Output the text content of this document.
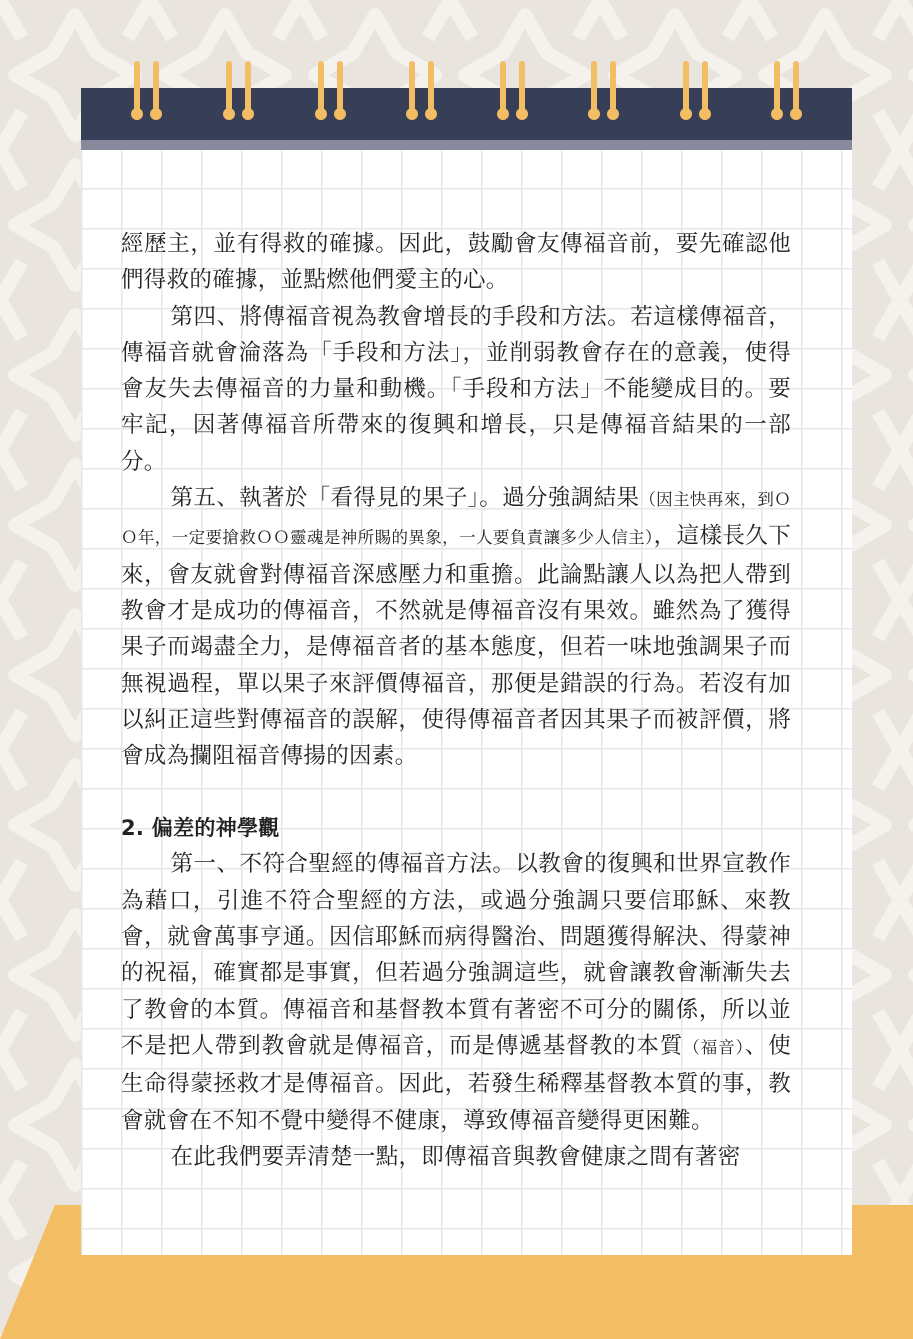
經歷主，並有得救的確據。因此，鼓勵會友傳福音前，要先確認他們得救的確據，並點燃他們愛主的心。

第四、將傳福音視為教會增長的手段和方法。若這樣傳福音，傳福音就會淪落為「手段和方法」，並削弱教會存在的意義，使得會友失去傳福音的力量和動機。「手段和方法」不能變成目的。要牢記，因著傳福音所帶來的復興和增長，只是傳福音結果的一部分。

第五、執著於「看得見的果子」。過分強調結果（因主快再來，到ＯＯ年，一定要搶救ＯＯ靈魂是神所賜的異象，一人要負責讓多少人信主），這樣長久下來，會友就會對傳福音深感壓力和重擔。此論點讓人以為把人帶到教會才是成功的傳福音，不然就是傳福音沒有果效。雖然為了獲得果子而竭盡全力，是傳福音者的基本態度，但若一味地強調果子而無視過程，單以果子來評價傳福音，那便是錯誤的行為。若沒有加以糾正這些對傳福音的誤解，使得傳福音者因其果子而被評價，將會成為攔阻福音傳揚的因素。

2. 偏差的神學觀

第一、不符合聖經的傳福音方法。以教會的復興和世界宣教作為藉口，引進不符合聖經的方法，或過分強調只要信耶穌、來教會，就會萬事亨通。因信耶穌而病得醫治、問題獲得解決、得蒙神的祝福，確實都是事實，但若過分強調這些，就會讓教會漸漸失去了教會的本質。傳福音和基督教本質有著密不可分的關係，所以並不是把人帶到教會就是傳福音，而是傳遞基督教的本質（福音）、使生命得蒙拯救才是傳福音。因此，若發生稀釋基督教本質的事，教會就會在不知不覺中變得不健康，導致傳福音變得更困難。

在此我們要弄清楚一點，即傳福音與教會健康之間有著密
